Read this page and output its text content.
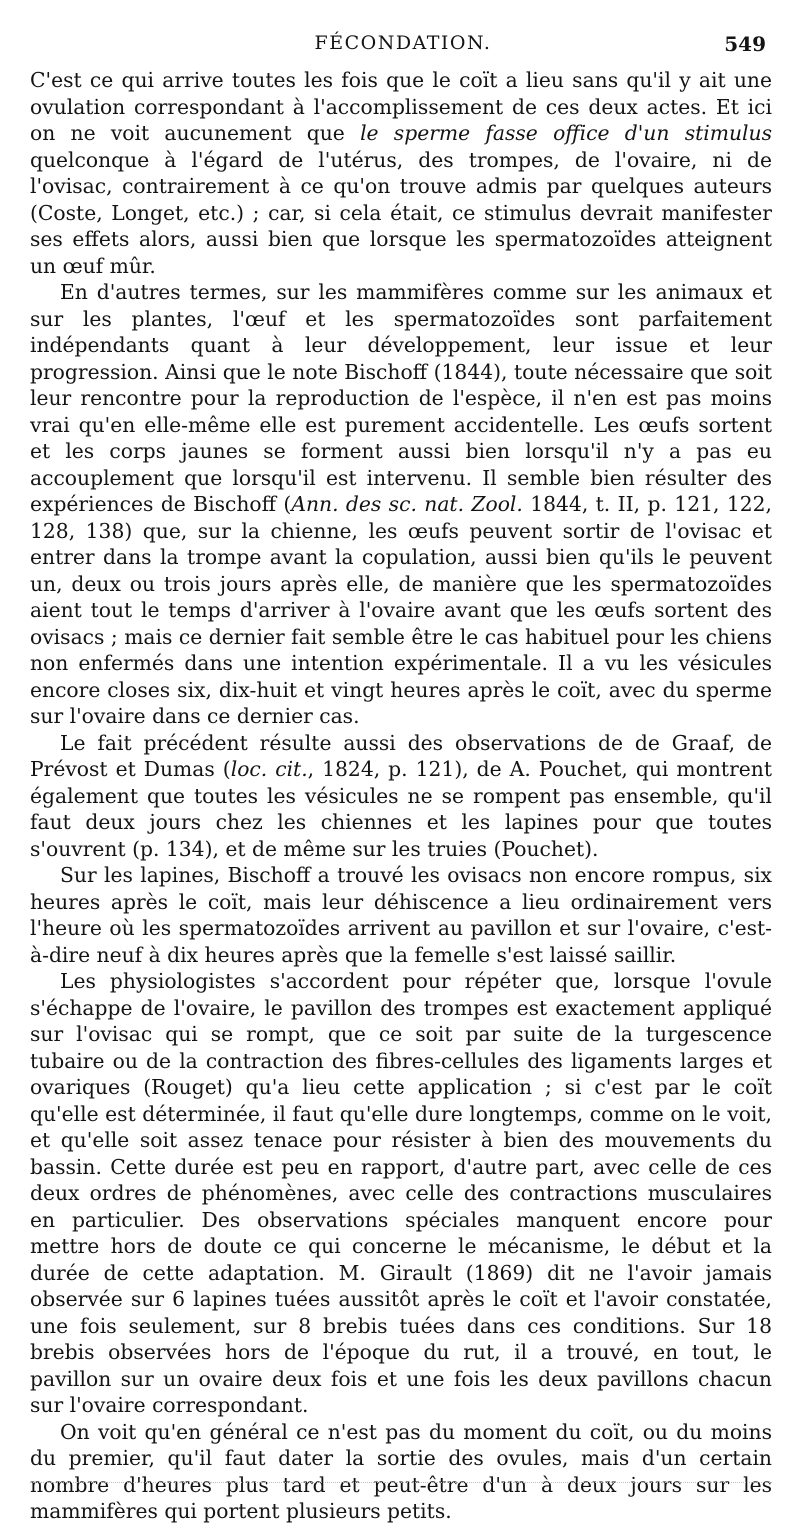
FÉCONDATION.	549

C'est ce qui arrive toutes les fois que le coït a lieu sans qu'il y ait une ovulation correspondant à l'accomplissement de ces deux actes. Et ici on ne voit aucunement que le sperme fasse office d'un stimulus quelconque à l'égard de l'utérus, des trompes, de l'ovaire, ni de l'ovisac, contrairement à ce qu'on trouve admis par quelques auteurs (Coste, Longet, etc.) ; car, si cela était, ce stimulus devrait manifester ses effets alors, aussi bien que lorsque les spermatozoïdes atteignent un œuf mûr.

En d'autres termes, sur les mammifères comme sur les animaux et sur les plantes, l'œuf et les spermatozoïdes sont parfaitement indépendants quant à leur développement, leur issue et leur progression. Ainsi que le note Bischoff (1844), toute nécessaire que soit leur rencontre pour la reproduction de l'espèce, il n'en est pas moins vrai qu'en elle-même elle est purement accidentelle. Les œufs sortent et les corps jaunes se forment aussi bien lorsqu'il n'y a pas eu accouplement que lorsqu'il est intervenu. Il semble bien résulter des expériences de Bischoff (Ann. des sc. nat. Zool. 1844, t. II, p. 121, 122, 128, 138) que, sur la chienne, les œufs peuvent sortir de l'ovisac et entrer dans la trompe avant la copulation, aussi bien qu'ils le peuvent un, deux ou trois jours après elle, de manière que les spermatozoïdes aient tout le temps d'arriver à l'ovaire avant que les œufs sortent des ovisacs ; mais ce dernier fait semble être le cas habituel pour les chiens non enfermés dans une intention expérimentale. Il a vu les vésicules encore closes six, dix-huit et vingt heures après le coït, avec du sperme sur l'ovaire dans ce dernier cas.

Le fait précédent résulte aussi des observations de de Graaf, de Prévost et Dumas (loc. cit., 1824, p. 121), de A. Pouchet, qui montrent également que toutes les vésicules ne se rompent pas ensemble, qu'il faut deux jours chez les chiennes et les lapines pour que toutes s'ouvrent (p. 134), et de même sur les truies (Pouchet).

Sur les lapines, Bischoff a trouvé les ovisacs non encore rompus, six heures après le coït, mais leur déhiscence a lieu ordinairement vers l'heure où les spermatozoïdes arrivent au pavillon et sur l'ovaire, c'est-à-dire neuf à dix heures après que la femelle s'est laissé saillir.

Les physiologistes s'accordent pour répéter que, lorsque l'ovule s'échappe de l'ovaire, le pavillon des trompes est exactement appliqué sur l'ovisac qui se rompt, que ce soit par suite de la turgescence tubaire ou de la contraction des fibres-cellules des ligaments larges et ovariques (Rouget) qu'a lieu cette application ; si c'est par le coït qu'elle est déterminée, il faut qu'elle dure longtemps, comme on le voit, et qu'elle soit assez tenace pour résister à bien des mouvements du bassin. Cette durée est peu en rapport, d'autre part, avec celle de ces deux ordres de phénomènes, avec celle des contractions musculaires en particulier. Des observations spéciales manquent encore pour mettre hors de doute ce qui concerne le mécanisme, le début et la durée de cette adaptation. M. Girault (1869) dit ne l'avoir jamais observée sur 6 lapines tuées aussitôt après le coït et l'avoir constatée, une fois seulement, sur 8 brebis tuées dans ces conditions. Sur 18 brebis observées hors de l'époque du rut, il a trouvé, en tout, le pavillon sur un ovaire deux fois et une fois les deux pavillons chacun sur l'ovaire correspondant.

On voit qu'en général ce n'est pas du moment du coït, ou du moins du premier, qu'il faut dater la sortie des ovules, mais d'un certain nombre d'heures plus tard et peut-être d'un à deux jours sur les mammifères qui portent plusieurs petits.
